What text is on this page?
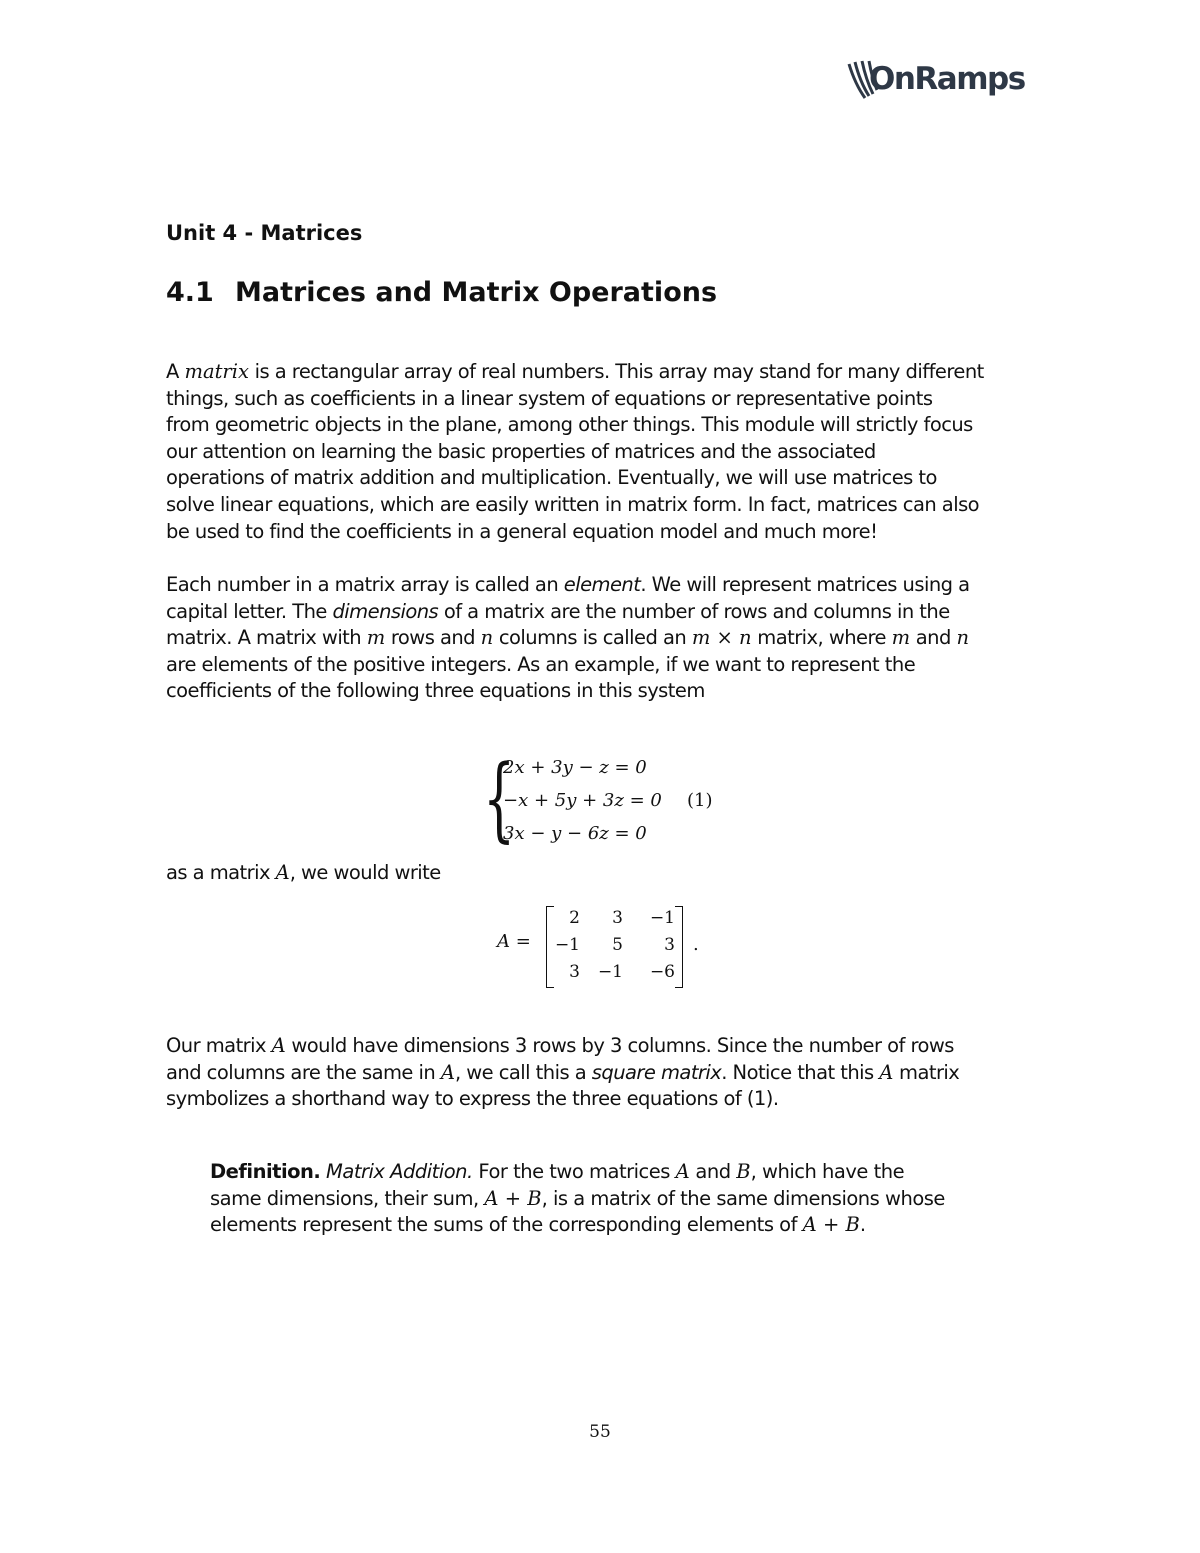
OnRamps
Unit 4 - Matrices
4.1 Matrices and Matrix Operations
A matrix is a rectangular array of real numbers. This array may stand for many different
things, such as coefficients in a linear system of equations or representative points
from geometric objects in the plane, among other things. This module will strictly focus
our attention on learning the basic properties of matrices and the associated
operations of matrix addition and multiplication. Eventually, we will use matrices to
solve linear equations, which are easily written in matrix form. In fact, matrices can also
be used to find the coefficients in a general equation model and much more!
Each number in a matrix array is called an element. We will represent matrices using a
capital letter. The dimensions of a matrix are the number of rows and columns in the
matrix. A matrix with m rows and n columns is called an m × n matrix, where m and n
are elements of the positive integers. As an example, if we want to represent the
coefficients of the following three equations in this system
{
2x + 3y − z = 0
−x + 5y + 3z = 0
3x − y − 6z = 0
(1)
as a matrix A, we would write
A =
2	3	−1
−1	5	3
3	−1	−6
.
Our matrix A would have dimensions 3 rows by 3 columns. Since the number of rows
and columns are the same in A, we call this a square matrix. Notice that this A matrix
symbolizes a shorthand way to express the three equations of (1).
Definition. Matrix Addition. For the two matrices A and B, which have the
same dimensions, their sum, A + B, is a matrix of the same dimensions whose
elements represent the sums of the corresponding elements of A + B.
55
